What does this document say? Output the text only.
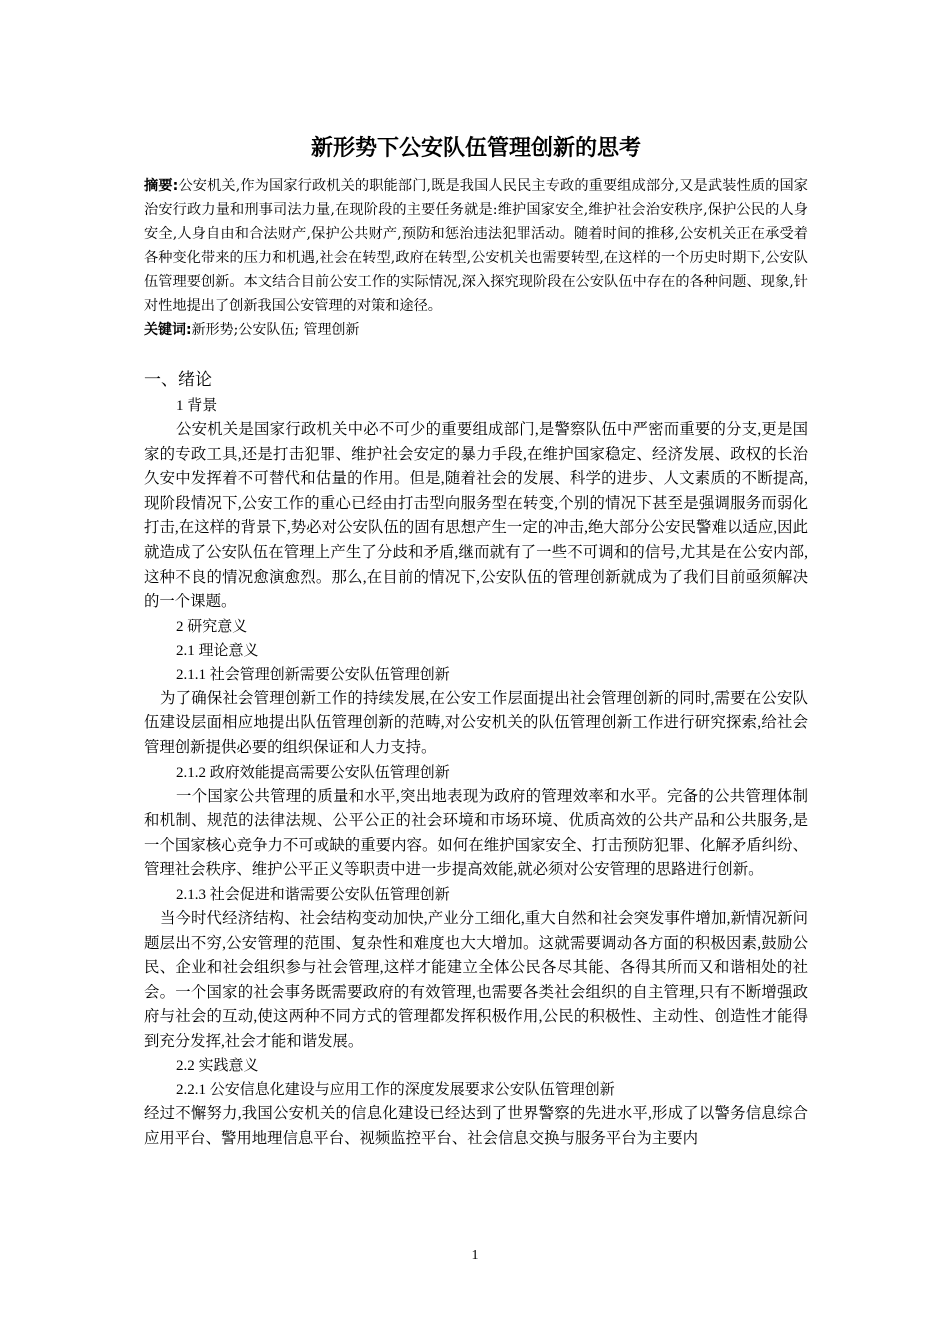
新形势下公安队伍管理创新的思考

摘要:公安机关,作为国家行政机关的职能部门,既是我国人民民主专政的重要组成部分,又是武装性质的国家治安行政力量和刑事司法力量,在现阶段的主要任务就是:维护国家安全,维护社会治安秩序,保护公民的人身安全,人身自由和合法财产,保护公共财产,预防和惩治违法犯罪活动。随着时间的推移,公安机关正在承受着各种变化带来的压力和机遇,社会在转型,政府在转型,公安机关也需要转型,在这样的一个历史时期下,公安队伍管理要创新。本文结合目前公安工作的实际情况,深入探究现阶段在公安队伍中存在的各种问题、现象,针对性地提出了创新我国公安管理的对策和途径。

关键词:新形势;公安队伍; 管理创新

一、绪论

1 背景

公安机关是国家行政机关中必不可少的重要组成部门,是警察队伍中严密而重要的分支,更是国家的专政工具,还是打击犯罪、维护社会安定的暴力手段,在维护国家稳定、经济发展、政权的长治久安中发挥着不可替代和估量的作用。但是,随着社会的发展、科学的进步、人文素质的不断提高,现阶段情况下,公安工作的重心已经由打击型向服务型在转变,个别的情况下甚至是强调服务而弱化打击,在这样的背景下,势必对公安队伍的固有思想产生一定的冲击,绝大部分公安民警难以适应,因此就造成了公安队伍在管理上产生了分歧和矛盾,继而就有了一些不可调和的信号,尤其是在公安内部,这种不良的情况愈演愈烈。那么,在目前的情况下,公安队伍的管理创新就成为了我们目前亟须解决的一个课题。

2 研究意义

2.1 理论意义

2.1.1 社会管理创新需要公安队伍管理创新

为了确保社会管理创新工作的持续发展,在公安工作层面提出社会管理创新的同时,需要在公安队伍建设层面相应地提出队伍管理创新的范畴,对公安机关的队伍管理创新工作进行研究探索,给社会管理创新提供必要的组织保证和人力支持。

2.1.2 政府效能提高需要公安队伍管理创新

一个国家公共管理的质量和水平,突出地表现为政府的管理效率和水平。完备的公共管理体制和机制、规范的法律法规、公平公正的社会环境和市场环境、优质高效的公共产品和公共服务,是一个国家核心竞争力不可或缺的重要内容。如何在维护国家安全、打击预防犯罪、化解矛盾纠纷、管理社会秩序、维护公平正义等职责中进一步提高效能,就必须对公安管理的思路进行创新。

2.1.3 社会促进和谐需要公安队伍管理创新

当今时代经济结构、社会结构变动加快,产业分工细化,重大自然和社会突发事件增加,新情况新问题层出不穷,公安管理的范围、复杂性和难度也大大增加。这就需要调动各方面的积极因素,鼓励公民、企业和社会组织参与社会管理,这样才能建立全体公民各尽其能、各得其所而又和谐相处的社会。一个国家的社会事务既需要政府的有效管理,也需要各类社会组织的自主管理,只有不断增强政府与社会的互动,使这两种不同方式的管理都发挥积极作用,公民的积极性、主动性、创造性才能得到充分发挥,社会才能和谐发展。

2.2 实践意义

2.2.1 公安信息化建设与应用工作的深度发展要求公安队伍管理创新

经过不懈努力,我国公安机关的信息化建设已经达到了世界警察的先进水平,形成了以警务信息综合应用平台、警用地理信息平台、视频监控平台、社会信息交换与服务平台为主要内

1
